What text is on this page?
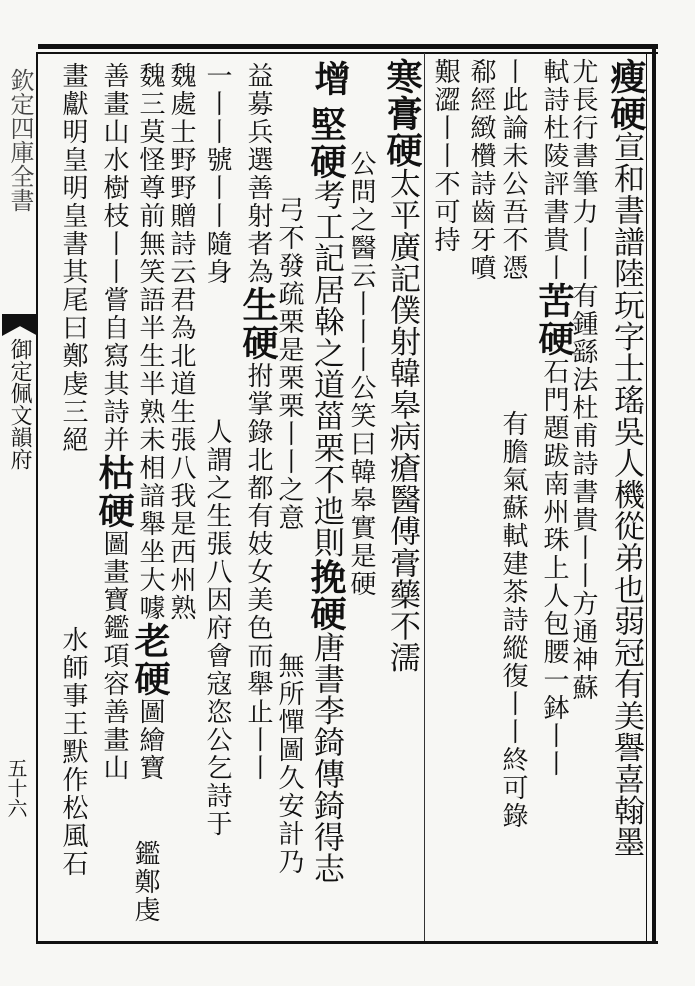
欽定四庫全書
御定佩文韻府
五十六
瘦硬宣和書譜陸玩字士瑤吳人機從弟也弱冠有美譽喜翰墨
尤長行書筆力丨丨有鍾繇法杜甫詩書貴丨丨方通神蘇
軾詩杜陵評書貴丨苦硬石門題跋南州珠上人包腰一鉢丨丨
丨此論未公吾不憑
有膽氣蘇軾建茶詩縱復丨丨終可錄
郗經緻欑詩齒牙噴
艱澀丨丨不可持
寒膏硬太平廣記僕射韓皋病瘡醫傅膏藥不濡
公問之醫云丨丨丨公笑曰韓皋實是硬
增
堅硬考工記居榦之道菑栗不迆則挽硬唐書李錡傳錡得志
弓不發疏栗是栗栗丨丨之意
無所憚圖久安計乃
益募兵選善射者為生硬拊掌錄北都有妓女美色而舉止丨丨
一丨丨號丨丨隨身
人謂之生張八因府會寇恣公乞詩于
魏處士野野贈詩云君為北道生張八我是西州熟
魏三莫怪尊前無笑語半生半熟未相諳舉坐大噱老硬圖繪寶
鑑鄭虔
善畫山水樹枝丨丨嘗自寫其詩并枯硬圖畫寶鑑項容善畫山
畫獻明皇明皇書其尾曰鄭虔三絕
水師事王默作松風石
